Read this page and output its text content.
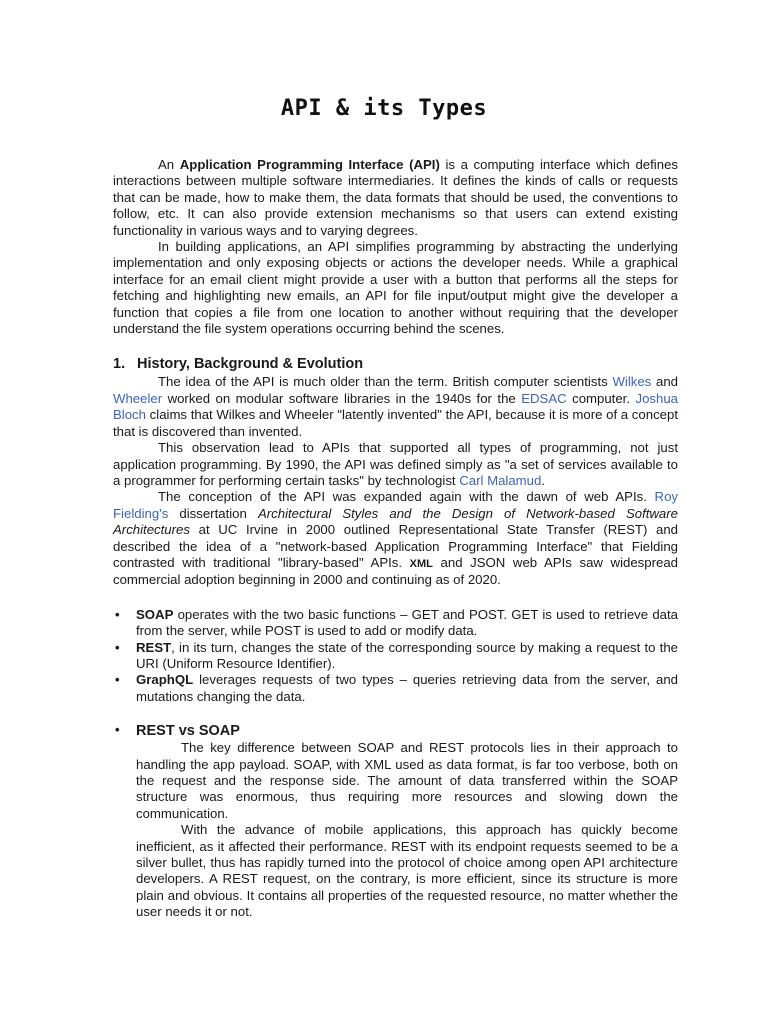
API & its Types

An Application Programming Interface (API) is a computing interface which defines interactions between multiple software intermediaries. It defines the kinds of calls or requests that can be made, how to make them, the data formats that should be used, the conventions to follow, etc. It can also provide extension mechanisms so that users can extend existing functionality in various ways and to varying degrees.

In building applications, an API simplifies programming by abstracting the underlying implementation and only exposing objects or actions the developer needs. While a graphical interface for an email client might provide a user with a button that performs all the steps for fetching and highlighting new emails, an API for file input/output might give the developer a function that copies a file from one location to another without requiring that the developer understand the file system operations occurring behind the scenes.

1. History, Background & Evolution

The idea of the API is much older than the term. British computer scientists Wilkes and Wheeler worked on modular software libraries in the 1940s for the EDSAC computer. Joshua Bloch claims that Wilkes and Wheeler "latently invented" the API, because it is more of a concept that is discovered than invented.

This observation lead to APIs that supported all types of programming, not just application programming. By 1990, the API was defined simply as "a set of services available to a programmer for performing certain tasks" by technologist Carl Malamud.

The conception of the API was expanded again with the dawn of web APIs. Roy Fielding's dissertation Architectural Styles and the Design of Network-based Software Architectures at UC Irvine in 2000 outlined Representational State Transfer (REST) and described the idea of a "network-based Application Programming Interface" that Fielding contrasted with traditional "library-based" APIs. XML and JSON web APIs saw widespread commercial adoption beginning in 2000 and continuing as of 2020.

• SOAP operates with the two basic functions – GET and POST. GET is used to retrieve data from the server, while POST is used to add or modify data.
• REST, in its turn, changes the state of the corresponding source by making a request to the URI (Uniform Resource Identifier).
• GraphQL leverages requests of two types – queries retrieving data from the server, and mutations changing the data.
• REST vs SOAP

The key difference between SOAP and REST protocols lies in their approach to handling the app payload. SOAP, with XML used as data format, is far too verbose, both on the request and the response side. The amount of data transferred within the SOAP structure was enormous, thus requiring more resources and slowing down the communication.

With the advance of mobile applications, this approach has quickly become inefficient, as it affected their performance. REST with its endpoint requests seemed to be a silver bullet, thus has rapidly turned into the protocol of choice among open API architecture developers. A REST request, on the contrary, is more efficient, since its structure is more plain and obvious. It contains all properties of the requested resource, no matter whether the user needs it or not.
